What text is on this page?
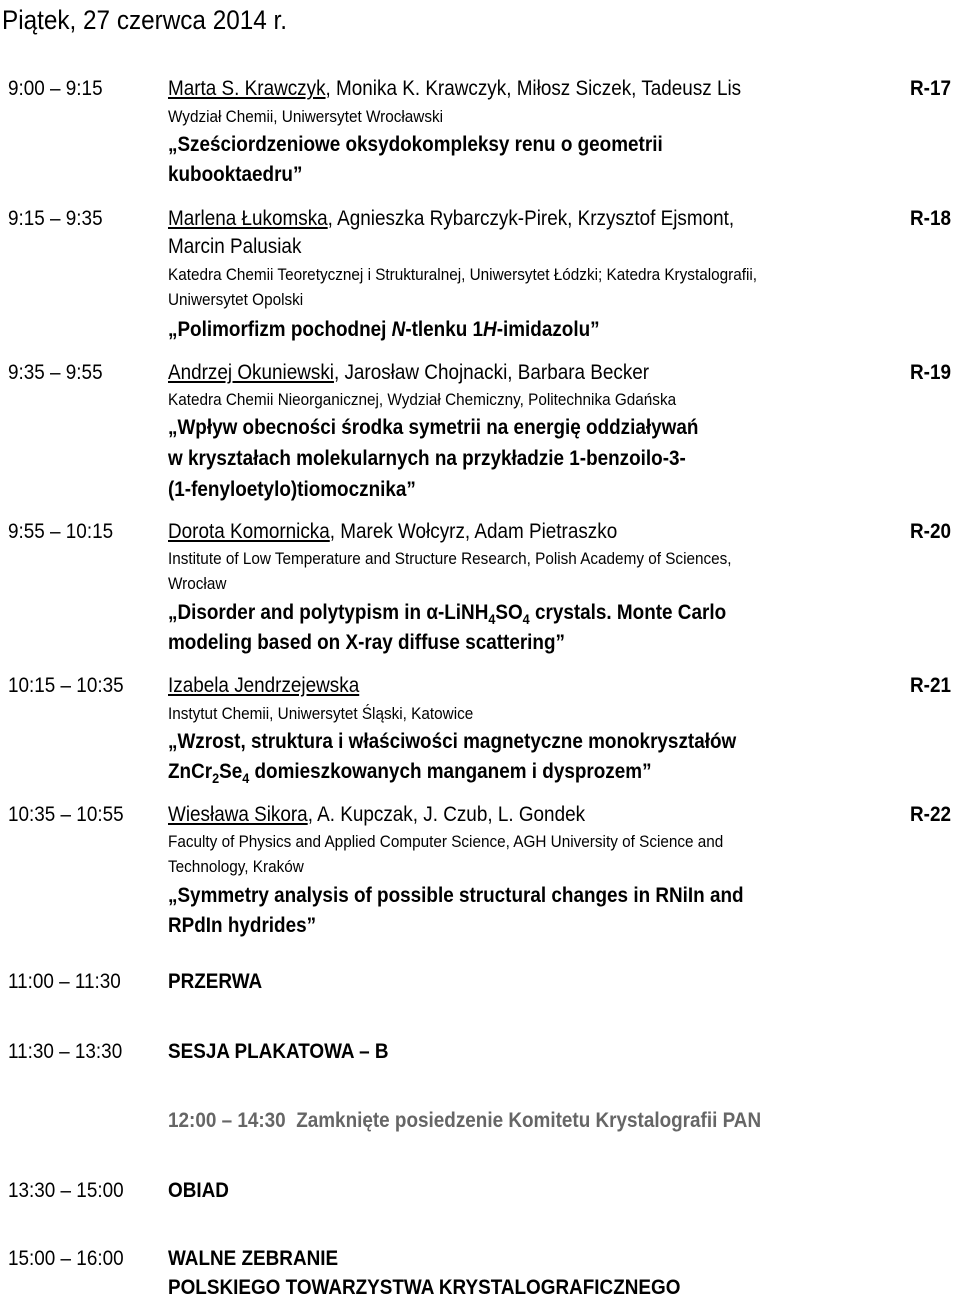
Piątek, 27 czerwca 2014 r.
9:00 – 9:15	Marta S. Krawczyk, Monika K. Krawczyk, Miłosz Siczek, Tadeusz Lis	R-17
Wydział Chemii, Uniwersytet Wrocławski
„Sześciordzeniowe oksydokompleksy renu o geometrii
kubooktaedru”
9:15 – 9:35	Marlena Łukomska, Agnieszka Rybarczyk-Pirek, Krzysztof Ejsmont,	R-18
Marcin Palusiak
Katedra Chemii Teoretycznej i Strukturalnej, Uniwersytet Łódzki; Katedra Krystalografii,
Uniwersytet Opolski
„Polimorfizm pochodnej N-tlenku 1H-imidazolu”
9:35 – 9:55	Andrzej Okuniewski, Jarosław Chojnacki, Barbara Becker	R-19
Katedra Chemii Nieorganicznej, Wydział Chemiczny, Politechnika Gdańska
„Wpływ obecności środka symetrii na energię oddziaływań
w kryształach molekularnych na przykładzie 1-benzoilo-3-
(1-fenyloetylo)tiomocznika”
9:55 – 10:15	Dorota Komornicka, Marek Wołcyrz, Adam Pietraszko	R-20
Institute of Low Temperature and Structure Research, Polish Academy of Sciences,
Wrocław
„Disorder and polytypism in $\alpha-LiNH_4SO_4$ crystals. Monte Carlo
modeling based on X-ray diffuse scattering”
10:15 – 10:35 Izabela Jendrzejewska	R-21
Instytut Chemii, Uniwersytet Śląski, Katowice
„Wzrost, struktura i właściwości magnetyczne monokryształów
$ZnCr_2Se_4$ domieszkowanych manganem i dysprozem”
10:35 – 10:55 Wiesława Sikora, A. Kupczak, J. Czub, L. Gondek	R-22
Faculty of Physics and Applied Computer Science, AGH University of Science and
Technology, Kraków
„Symmetry analysis of possible structural changes in RNiIn and
RPdIn hydrides”
11:00 – 11:30 PRZERWA
11:30 – 13:30 SESJA PLAKATOWA – B
12:00 – 14:30  Zamknięte posiedzenie Komitetu Krystalografii PAN
13:30 – 15:00 OBIAD
15:00 – 16:00 WALNE ZEBRANIE
POLSKIEGO TOWARZYSTWA KRYSTALOGRAFICZNEGO
